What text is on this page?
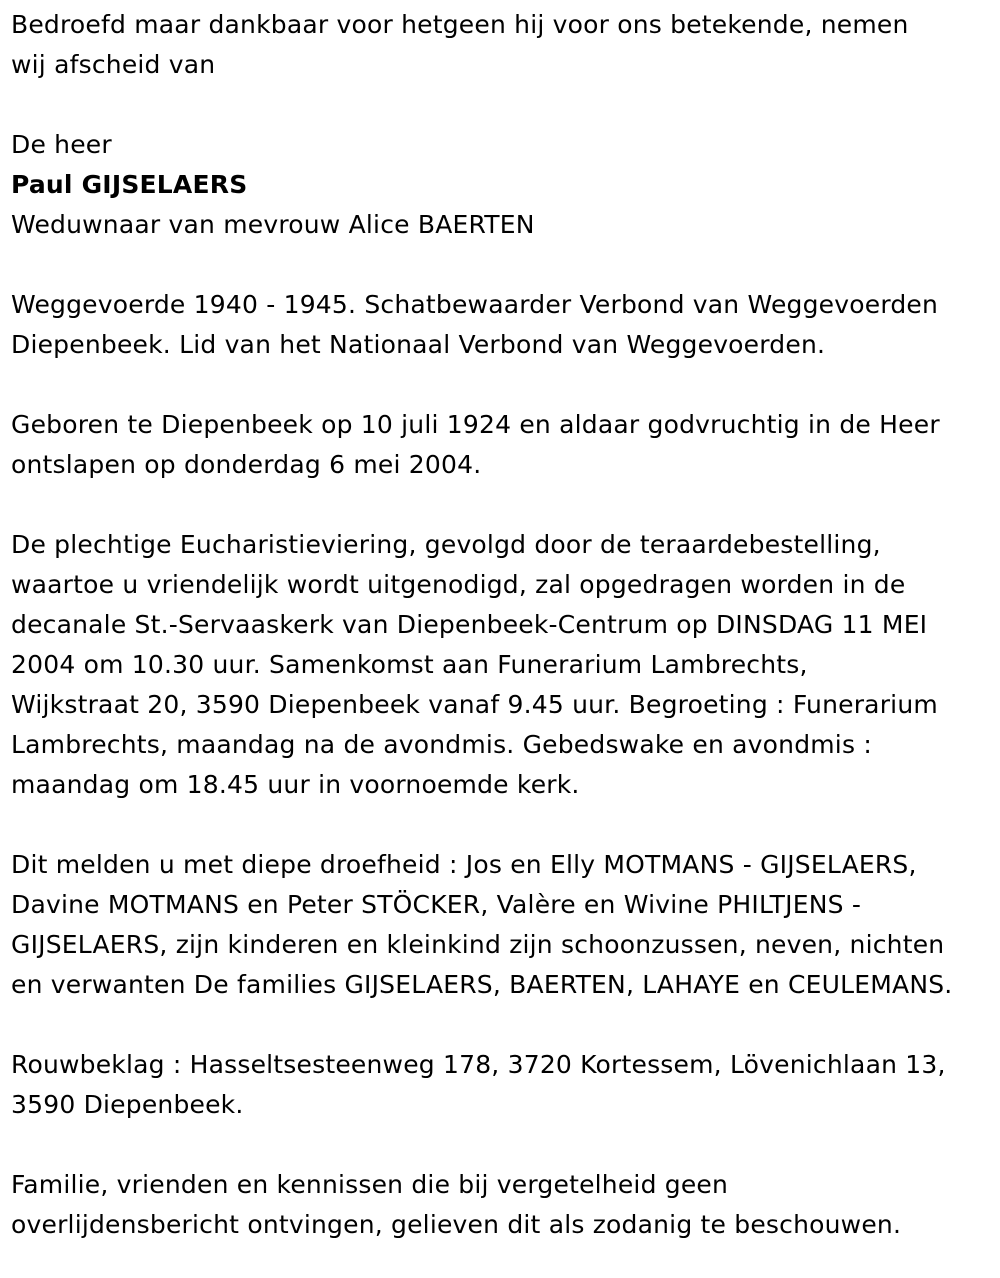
Bedroefd maar dankbaar voor hetgeen hij voor ons betekende, nemen

wij afscheid van

De heer

Paul GIJSELAERS

Weduwnaar van mevrouw Alice BAERTEN

Weggevoerde 1940 - 1945. Schatbewaarder Verbond van Weggevoerden

Diepenbeek. Lid van het Nationaal Verbond van Weggevoerden.

Geboren te Diepenbeek op 10 juli 1924 en aldaar godvruchtig in de Heer

ontslapen op donderdag 6 mei 2004.

De plechtige Eucharistieviering, gevolgd door de teraardebestelling,

waartoe u vriendelijk wordt uitgenodigd, zal opgedragen worden in de

decanale St.-Servaaskerk van Diepenbeek-Centrum op DINSDAG 11 MEI

2004 om 10.30 uur. Samenkomst aan Funerarium Lambrechts,

Wijkstraat 20, 3590 Diepenbeek vanaf 9.45 uur. Begroeting : Funerarium

Lambrechts, maandag na de avondmis. Gebedswake en avondmis :

maandag om 18.45 uur in voornoemde kerk.

Dit melden u met diepe droefheid : Jos en Elly MOTMANS - GIJSELAERS,

Davine MOTMANS en Peter STÖCKER, Valère en Wivine PHILTJENS -

GIJSELAERS, zijn kinderen en kleinkind zijn schoonzussen, neven, nichten

en verwanten De families GIJSELAERS, BAERTEN, LAHAYE en CEULEMANS.

Rouwbeklag : Hasseltsesteenweg 178, 3720 Kortessem, Lövenichlaan 13,

3590 Diepenbeek.

Familie, vrienden en kennissen die bij vergetelheid geen

overlijdensbericht ontvingen, gelieven dit als zodanig te beschouwen.
